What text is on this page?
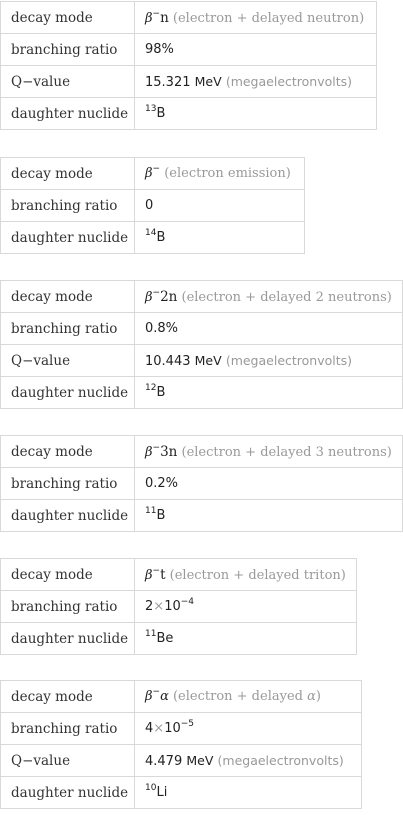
decay mode	β−n (electron + delayed neutron)
branching ratio	98%
Q−value	15.321 MeV (megaelectronvolts)
daughter nuclide	$^{13}$B
decay mode	β− (electron emission)
branching ratio	0
daughter nuclide	$^{14}$B
decay mode	β−2n (electron + delayed 2 neutrons)
branching ratio	0.8%
Q−value	10.443 MeV (megaelectronvolts)
daughter nuclide	$^{12}$B
decay mode	β−3n (electron + delayed 3 neutrons)
branching ratio	0.2%
daughter nuclide	$^{11}$B
decay mode	β−t (electron + delayed triton)
branching ratio	$2\times 10^{-4}$
daughter nuclide	$^{11}$Be
decay mode	β−α (electron + delayed α)
branching ratio	$4\times 10^{-5}$
Q−value	4.479 MeV (megaelectronvolts)
daughter nuclide	$^{10}$Li
